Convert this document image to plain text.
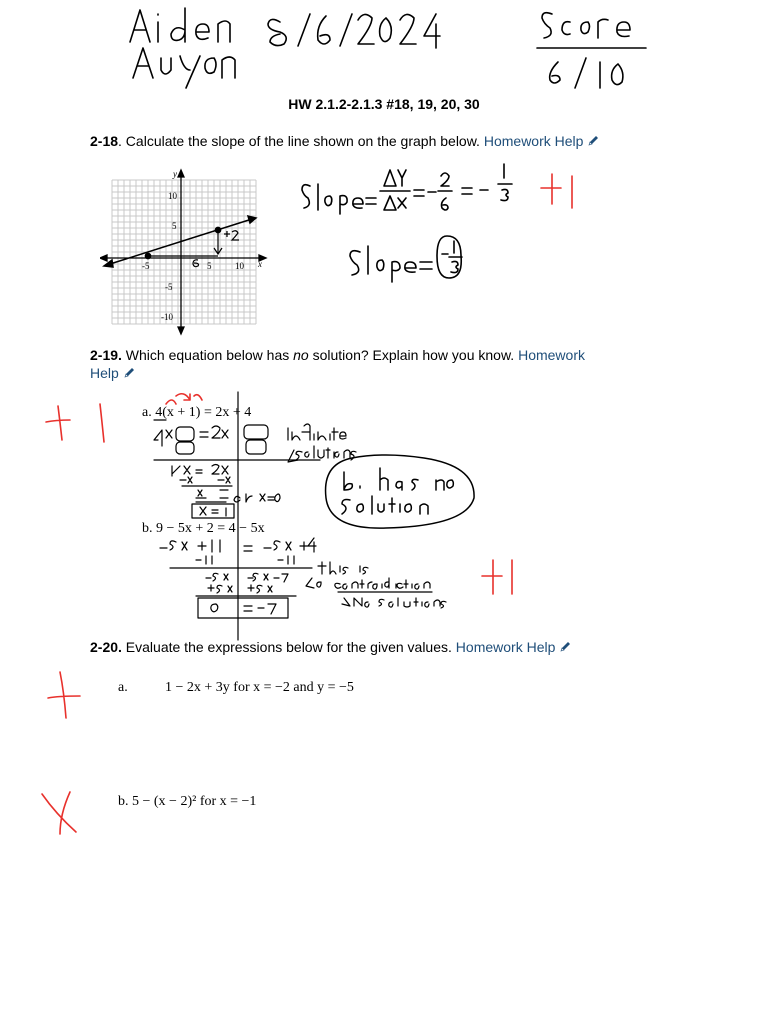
HW 2.1.2-2.1.3 #18, 19, 20, 30
2-18. Calculate the slope of the line shown on the graph below. Homework Help
-5	5	10 x
y
10
5
-5
-10
2-19. Which equation below has no solution? Explain how you know. Homework
Help
a. 4(x + 1) = 2x + 4
b. 9 − 5x + 2 = 4 − 5x
2-20. Evaluate the expressions below for the given values. Homework Help
a.	1 − 2x + 3y for x = −2 and y = −5
b. 5 − (x − 2)² for x = −1
